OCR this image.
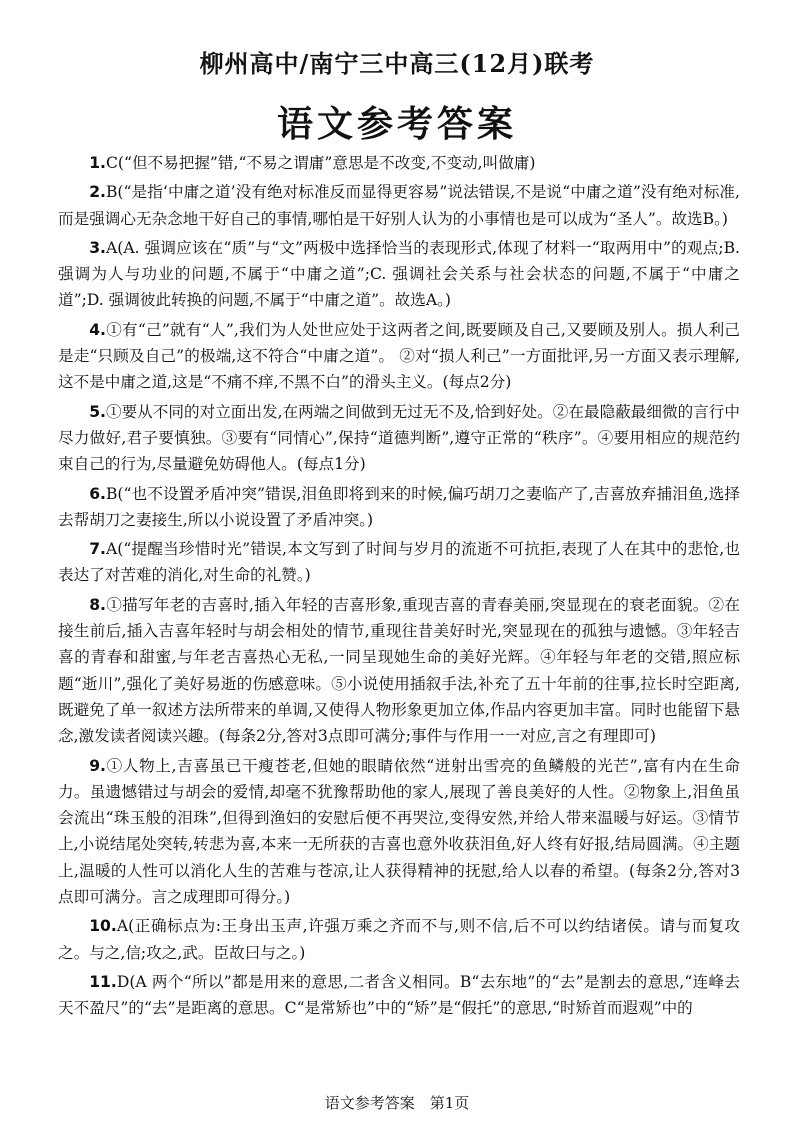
柳州高中/南宁三中高三(12月)联考
语文参考答案

1.C(“但不易把握”错,“不易之谓庸”意思是不改变,不变动,叫做庸)

2.B(“是指‘中庸之道’没有绝对标准反而显得更容易”说法错误,不是说“中庸之道”没有绝对标准,而是强调心无杂念地干好自己的事情,哪怕是干好别人认为的小事情也是可以成为“圣人”。故选B。)

3.A(A. 强调应该在“质”与“文”两极中选择恰当的表现形式,体现了材料一“取两用中”的观点;B. 强调为人与功业的问题,不属于“中庸之道”;C. 强调社会关系与社会状态的问题,不属于“中庸之道”;D. 强调彼此转换的问题,不属于“中庸之道”。故选A。)

4.①有“己”就有“人”,我们为人处世应处于这两者之间,既要顾及自己,又要顾及别人。损人利己是走“只顾及自己”的极端,这不符合“中庸之道”。 ②对“损人利己”一方面批评,另一方面又表示理解,这不是中庸之道,这是“不痛不痒,不黑不白”的滑头主义。(每点2分)

5.①要从不同的对立面出发,在两端之间做到无过无不及,恰到好处。②在最隐蔽最细微的言行中尽力做好,君子要慎独。③要有“同情心”,保持“道德判断”,遵守正常的“秩序”。④要用相应的规范约束自己的行为,尽量避免妨碍他人。(每点1分)

6.B(“也不设置矛盾冲突”错误,泪鱼即将到来的时候,偏巧胡刀之妻临产了,吉喜放弃捕泪鱼,选择去帮胡刀之妻接生,所以小说设置了矛盾冲突。)

7.A(“提醒当珍惜时光”错误,本文写到了时间与岁月的流逝不可抗拒,表现了人在其中的悲怆,也表达了对苦难的消化,对生命的礼赞。)

8.①描写年老的吉喜时,插入年轻的吉喜形象,重现吉喜的青春美丽,突显现在的衰老面貌。②在接生前后,插入吉喜年轻时与胡会相处的情节,重现往昔美好时光,突显现在的孤独与遗憾。③年轻吉喜的青春和甜蜜,与年老吉喜热心无私,一同呈现她生命的美好光辉。④年轻与年老的交错,照应标题“逝川”,强化了美好易逝的伤感意味。⑤小说使用插叙手法,补充了五十年前的往事,拉长时空距离,既避免了单一叙述方法所带来的单调,又使得人物形象更加立体,作品内容更加丰富。同时也能留下悬念,激发读者阅读兴趣。(每条2分,答对3点即可满分;事件与作用一一对应,言之有理即可)

9.①人物上,吉喜虽已干瘦苍老,但她的眼睛依然“迸射出雪亮的鱼鳞般的光芒”,富有内在生命力。虽遗憾错过与胡会的爱情,却毫不犹豫帮助他的家人,展现了善良美好的人性。②物象上,泪鱼虽会流出“珠玉般的泪珠”,但得到渔妇的安慰后便不再哭泣,变得安然,并给人带来温暖与好运。③情节上,小说结尾处突转,转悲为喜,本来一无所获的吉喜也意外收获泪鱼,好人终有好报,结局圆满。④主题上,温暖的人性可以消化人生的苦难与苍凉,让人获得精神的抚慰,给人以春的希望。(每条2分,答对3点即可满分。言之成理即可得分。)

10.A(正确标点为:王身出玉声,许强万乘之齐而不与,则不信,后不可以约结诸侯。请与而复攻之。与之,信;攻之,武。臣故曰与之。)

11.D(A 两个“所以”都是用来的意思,二者含义相同。B“去东地”的“去”是割去的意思,“连峰去天不盈尺”的“去”是距离的意思。C“是常矫也”中的“矫”是“假托”的意思,“时矫首而遐观”中的

语文参考答案　第1页
